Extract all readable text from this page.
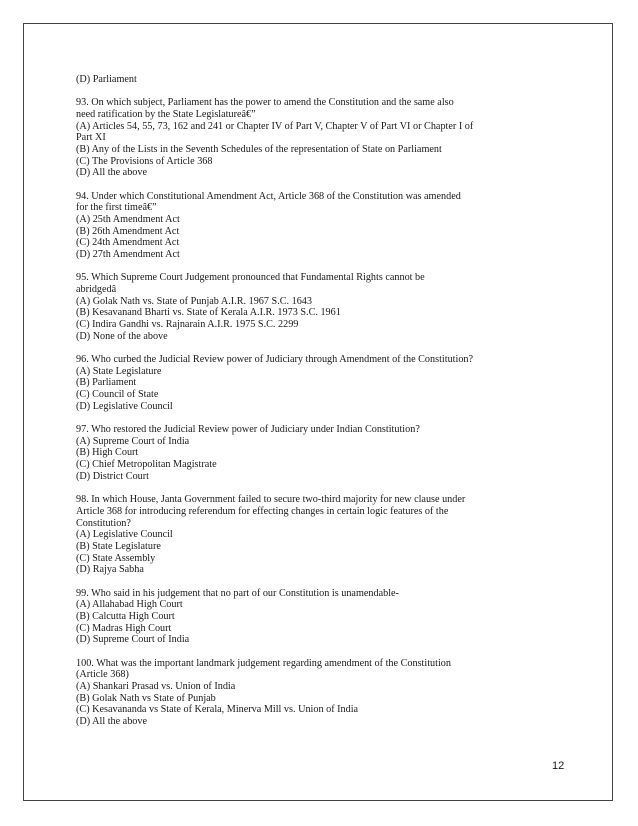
(D) Parliament
93. On which subject, Parliament has the power to amend the Constitution and the same also
need ratification by the State Legislatureâ€”
(A) Articles 54, 55, 73, 162 and 241 or Chapter IV of Part V, Chapter V of Part VI or Chapter I of
Part XI
(B) Any of the Lists in the Seventh Schedules of the representation of State on Parliament
(C) The Provisions of Article 368
(D) All the above
94. Under which Constitutional Amendment Act, Article 368 of the Constitution was amended
for the first timeâ€”
(A) 25th Amendment Act
(B) 26th Amendment Act
(C) 24th Amendment Act
(D) 27th Amendment Act
95. Which Supreme Court Judgement pronounced that Fundamental Rights cannot be
abridgedâ
(A) Golak Nath vs. State of Punjab A.I.R. 1967 S.C. 1643
(B) Kesavanand Bharti vs. State of Kerala A.I.R. 1973 S.C. 1961
(C) Indira Gandhi vs. Rajnarain A.I.R. 1975 S.C. 2299
(D) None of the above
96. Who curbed the Judicial Review power of Judiciary through Amendment of the Constitution?
(A) State Legislature
(B) Parliament
(C) Council of State
(D) Legislative Council
97. Who restored the Judicial Review power of Judiciary under Indian Constitution?
(A) Supreme Court of India
(B) High Court
(C) Chief Metropolitan Magistrate
(D) District Court
98. In which House, Janta Government failed to secure two-third majority for new clause under
Article 368 for introducing referendum for effecting changes in certain logic features of the
Constitution?
(A) Legislative Council
(B) State Legislature
(C) State Assembly
(D) Rajya Sabha
99. Who said in his judgement that no part of our Constitution is unamendable-
(A) Allahabad High Court
(B) Calcutta High Court
(C) Madras High Court
(D) Supreme Court of India
100. What was the important landmark judgement regarding amendment of the Constitution
(Article 368)
(A) Shankari Prasad vs. Union of India
(B) Golak Nath vs State of Punjab
(C) Kesavananda vs State of Kerala, Minerva Mill vs. Union of India
(D) All the above
12
